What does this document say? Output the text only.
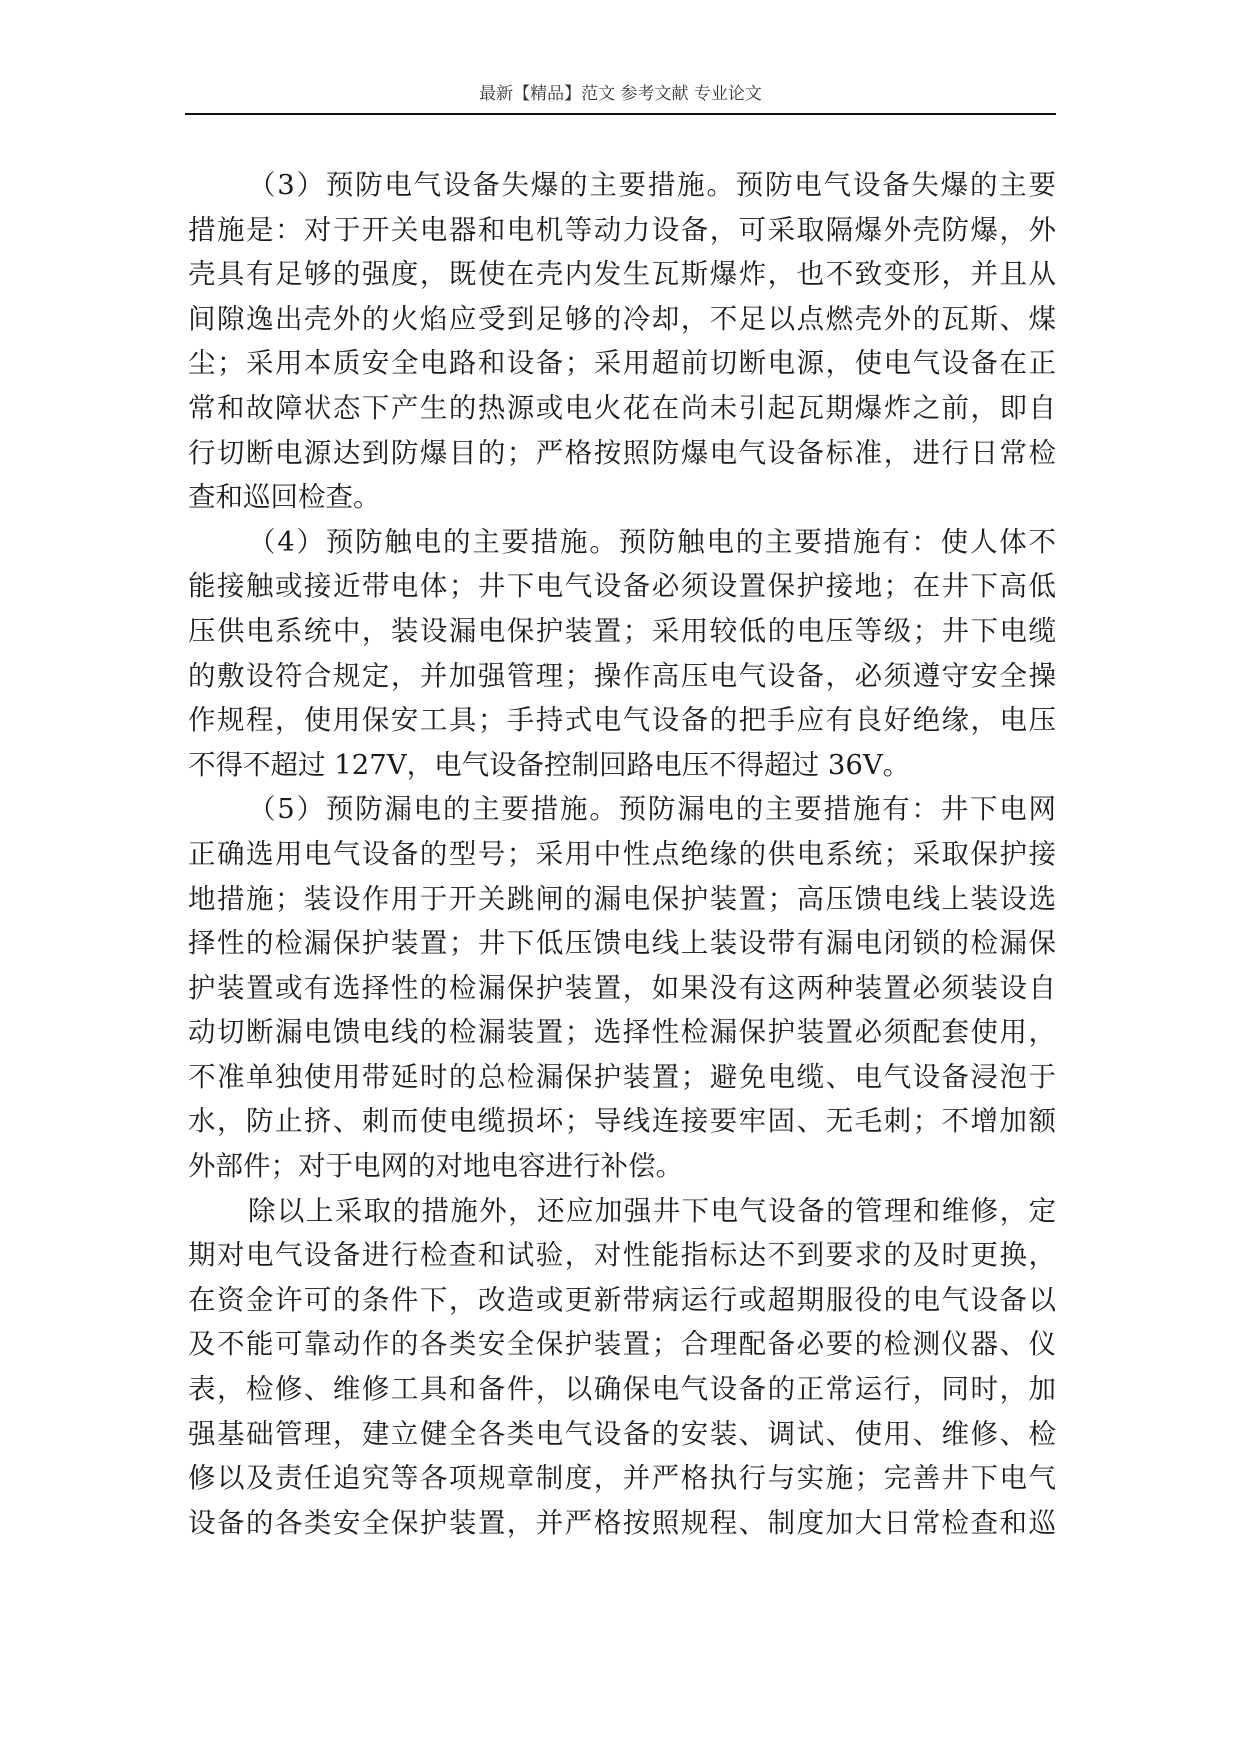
最新【精品】范文 参考文献 专业论文
（3）预防电气设备失爆的主要措施。预防电气设备失爆的主要
措施是：对于开关电器和电机等动力设备，可采取隔爆外壳防爆，外
壳具有足够的强度，既使在壳内发生瓦斯爆炸，也不致变形，并且从
间隙逸出壳外的火焰应受到足够的冷却，不足以点燃壳外的瓦斯、煤
尘；采用本质安全电路和设备；采用超前切断电源，使电气设备在正
常和故障状态下产生的热源或电火花在尚未引起瓦期爆炸之前，即自
行切断电源达到防爆目的；严格按照防爆电气设备标准，进行日常检
查和巡回检查。
（4）预防触电的主要措施。预防触电的主要措施有：使人体不
能接触或接近带电体；井下电气设备必须设置保护接地；在井下高低
压供电系统中，装设漏电保护装置；采用较低的电压等级；井下电缆
的敷设符合规定，并加强管理；操作高压电气设备，必须遵守安全操
作规程，使用保安工具；手持式电气设备的把手应有良好绝缘，电压
不得不超过 127V，电气设备控制回路电压不得超过 36V。
（5）预防漏电的主要措施。预防漏电的主要措施有：井下电网
正确选用电气设备的型号；采用中性点绝缘的供电系统；采取保护接
地措施；装设作用于开关跳闸的漏电保护装置；高压馈电线上装设选
择性的检漏保护装置；井下低压馈电线上装设带有漏电闭锁的检漏保
护装置或有选择性的检漏保护装置，如果没有这两种装置必须装设自
动切断漏电馈电线的检漏装置；选择性检漏保护装置必须配套使用，
不准单独使用带延时的总检漏保护装置；避免电缆、电气设备浸泡于
水，防止挤、刺而使电缆损坏；导线连接要牢固、无毛刺；不增加额
外部件；对于电网的对地电容进行补偿。
除以上采取的措施外，还应加强井下电气设备的管理和维修，定
期对电气设备进行检查和试验，对性能指标达不到要求的及时更换，
在资金许可的条件下，改造或更新带病运行或超期服役的电气设备以
及不能可靠动作的各类安全保护装置；合理配备必要的检测仪器、仪
表，检修、维修工具和备件，以确保电气设备的正常运行，同时，加
强基础管理，建立健全各类电气设备的安装、调试、使用、维修、检
修以及责任追究等各项规章制度，并严格执行与实施；完善井下电气
设备的各类安全保护装置，并严格按照规程、制度加大日常检查和巡
